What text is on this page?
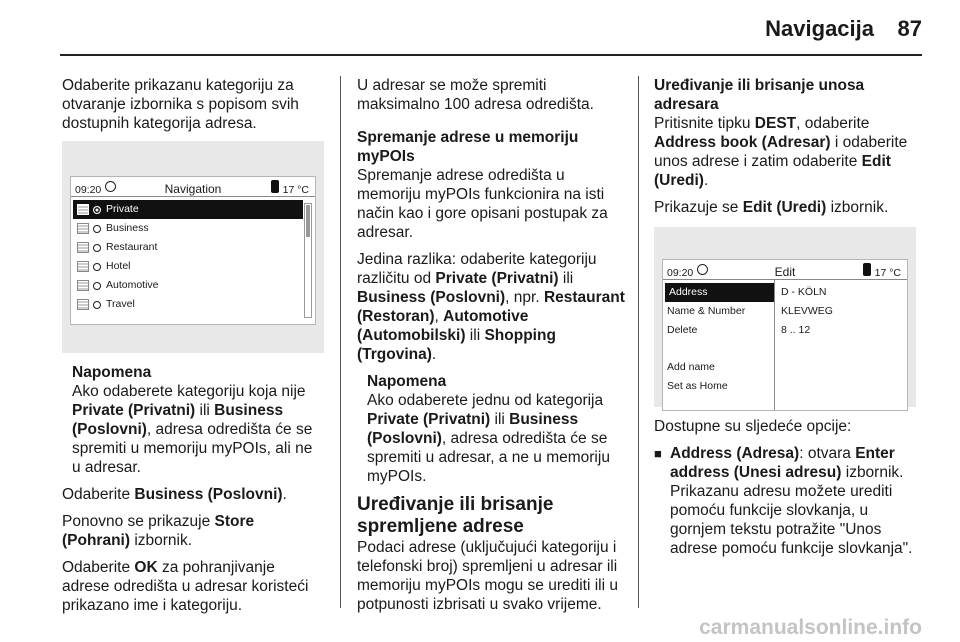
Navigacija 87

Odaberite prikazanu kategoriju za otvaranje izbornika s popisom svih dostupnih kategorija adresa.

09:20	Navigation	17 °C
Private
Business
Restaurant
Hotel
Automotive
Travel
Napomena

Ako odaberete kategoriju koja nije Private (Privatni) ili Business (Poslovni), adresa odredišta će se spremiti u memoriju myPOIs, ali ne u adresar.

Odaberite Business (Poslovni).

Ponovno se prikazuje Store (Pohrani) izbornik.

Odaberite OK za pohranjivanje adrese odredišta u adresar koristeći prikazano ime i kategoriju.

U adresar se može spremiti maksimalno 100 adresa odredišta.

Spremanje adrese u memoriju myPOIs

Spremanje adrese odredišta u memoriju myPOIs funkcionira na isti način kao i gore opisani postupak za adresar.

Jedina razlika: odaberite kategoriju različitu od Private (Privatni) ili Business (Poslovni), npr. Restaurant (Restoran), Automotive (Automobilski) ili Shopping (Trgovina).

Napomena

Ako odaberete jednu od kategorija Private (Privatni) ili Business (Poslovni), adresa odredišta će se spremiti u adresar, a ne u memoriju myPOIs.

Uređivanje ili brisanje spremljene adrese

Podaci adrese (uključujući kategoriju i telefonski broj) spremljeni u adresar ili memoriju myPOIs mogu se urediti ili u potpunosti izbrisati u svako vrijeme.

Uređivanje ili brisanje unosa adresara

Pritisnite tipku DEST, odaberite Address book (Adresar) i odaberite unos adrese i zatim odaberite Edit (Uredi).

Prikazuje se Edit (Uredi) izbornik.

09:20	Edit	17 °C
Address
Name & Number
Delete
Add name
Set as Home
D - KÖLN
KLEVWEG
8 .. 12

Dostupne su sljedeće opcije:

■ Address (Adresa): otvara Enter address (Unesi adresu) izbornik. Prikazanu adresu možete urediti pomoću funkcije slovkanja, u gornjem tekstu potražite "Unos adrese pomoću funkcije slovkanja".
carmanualsonline.info
